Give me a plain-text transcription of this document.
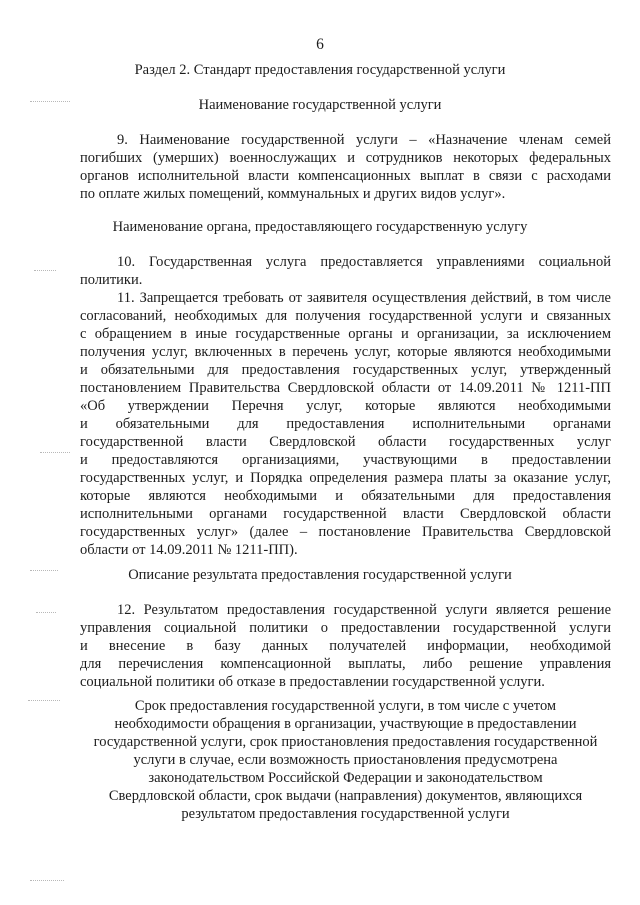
6
Раздел 2. Стандарт предоставления государственной услуги
Наименование государственной услуги
9. Наименование государственной услуги – «Назначение членам семей
погибших (умерших) военнослужащих и сотрудников некоторых федеральных
органов исполнительной власти компенсационных выплат в связи с расходами
по оплате жилых помещений, коммунальных и других видов услуг».
Наименование органа, предоставляющего государственную услугу
10. Государственная услуга предоставляется управлениями социальной
политики.
11. Запрещается требовать от заявителя осуществления действий, в том числе
согласований, необходимых для получения государственной услуги и связанных
с обращением в иные государственные органы и организации, за исключением
получения услуг, включенных в перечень услуг, которые являются необходимыми
и обязательными для предоставления государственных услуг, утвержденный
постановлением Правительства Свердловской области от 14.09.2011 № 1211-ПП
«Об утверждении Перечня услуг, которые являются необходимыми
и обязательными для предоставления исполнительными органами
государственной власти Свердловской области государственных услуг
и предоставляются организациями, участвующими в предоставлении
государственных услуг, и Порядка определения размера платы за оказание услуг,
которые являются необходимыми и обязательными для предоставления
исполнительными органами государственной власти Свердловской области
государственных услуг» (далее – постановление Правительства Свердловской
области от 14.09.2011 № 1211-ПП).
Описание результата предоставления государственной услуги
12. Результатом предоставления государственной услуги является решение
управления социальной политики о предоставлении государственной услуги
и внесение в базу данных получателей информации, необходимой
для перечисления компенсационной выплаты, либо решение управления
социальной политики об отказе в предоставлении государственной услуги.
Срок предоставления государственной услуги, в том числе с учетом
необходимости обращения в организации, участвующие в предоставлении
государственной услуги, срок приостановления предоставления государственной
услуги в случае, если возможность приостановления предусмотрена
законодательством Российской Федерации и законодательством
Свердловской области, срок выдачи (направления) документов, являющихся
результатом предоставления государственной услуги
